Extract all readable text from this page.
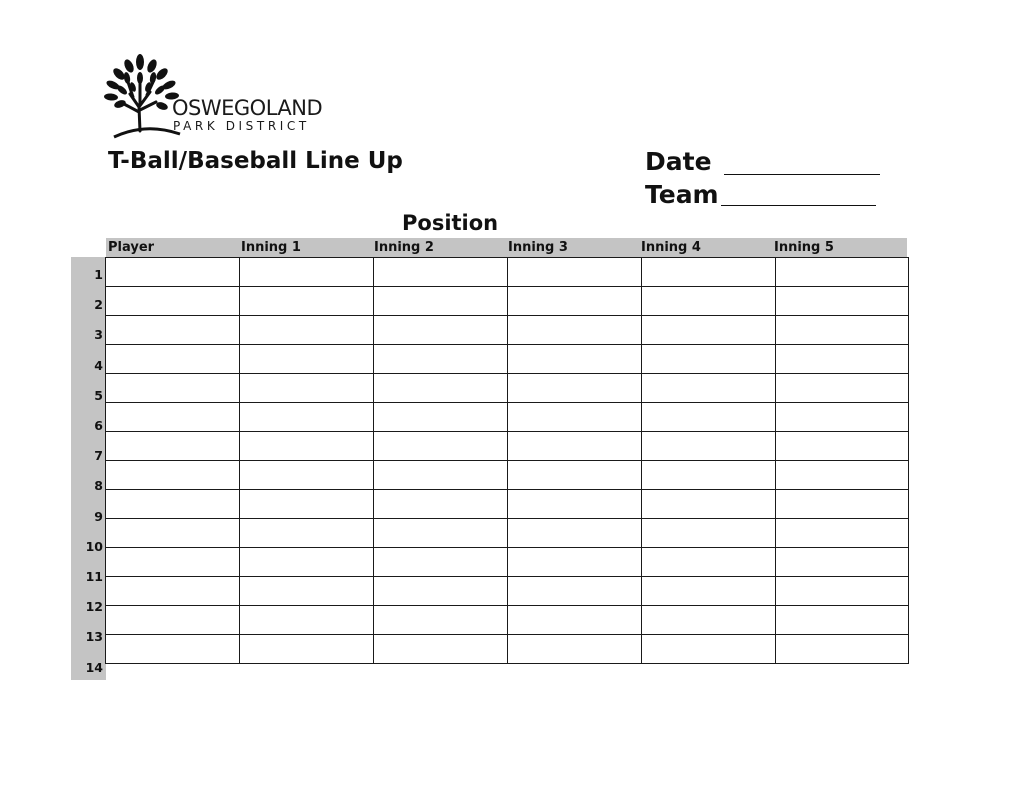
OSWEGOLAND
PARK DISTRICT
T-Ball/Baseball Line Up	Date
Team
Position
Player	Inning 1	Inning 2	Inning 3	Inning 4	Inning 5
1
2
3
4
5
6
7
8
9
10
11
12
13
14
